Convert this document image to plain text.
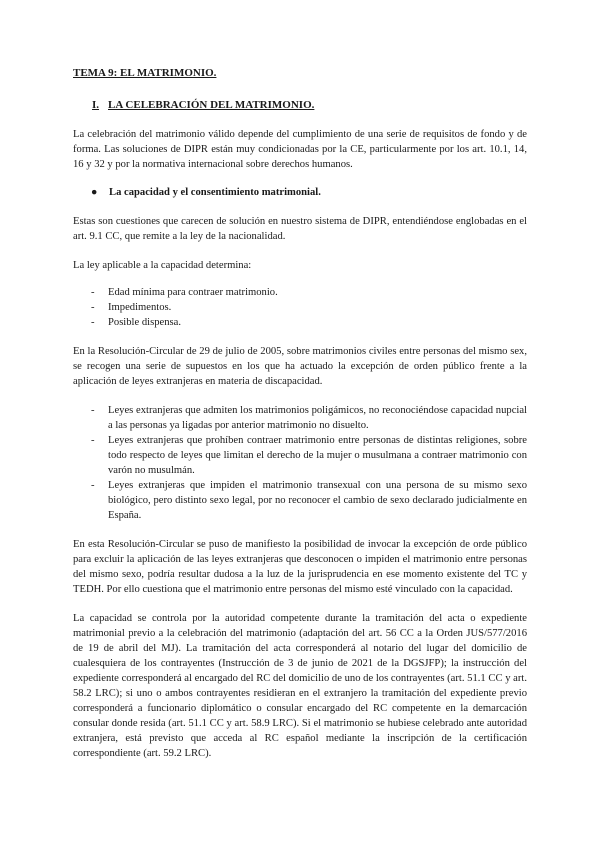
TEMA 9: EL MATRIMONIO.
I. LA CELEBRACIÓN DEL MATRIMONIO.

La celebración del matrimonio válido depende del cumplimiento de una serie de requisitos de fondo y de forma. Las soluciones de DIPR están muy condicionadas por la CE, particularmente por los art. 10.1, 14, 16 y 32 y por la normativa internacional sobre derechos humanos.

●	La capacidad y el consentimiento matrimonial.

Estas son cuestiones que carecen de solución en nuestro sistema de DIPR, entendiéndose englobadas en el art. 9.1 CC, que remite a la ley de la nacionalidad.

La ley aplicable a la capacidad determina:

-	Edad mínima para contraer matrimonio.
-	Impedimentos.
-	Posible dispensa.

En la Resolución-Circular de 29 de julio de 2005, sobre matrimonios civiles entre personas del mismo sex, se recogen una serie de supuestos en los que ha actuado la excepción de orden público frente a la aplicación de leyes extranjeras en materia de discapacidad.

-	Leyes extranjeras que admiten los matrimonios poligámicos, no reconociéndose capacidad nupcial a las personas ya ligadas por anterior matrimonio no disuelto.
-	Leyes extranjeras que prohíben contraer matrimonio entre personas de distintas religiones, sobre todo respecto de leyes que limitan el derecho de la mujer o musulmana a contraer matrimonio con varón no musulmán.
-	Leyes extranjeras que impiden el matrimonio transexual con una persona de su mismo sexo biológico, pero distinto sexo legal, por no reconocer el cambio de sexo declarado judicialmente en España.

En esta Resolución-Circular se puso de manifiesto la posibilidad de invocar la excepción de orde público para excluir la aplicación de las leyes extranjeras que desconocen o impiden el matrimonio entre personas del mismo sexo, podría resultar dudosa a la luz de la jurisprudencia en ese momento existente del TC y TEDH. Por ello cuestiona que el matrimonio entre personas del mismo esté vinculado con la capacidad.

La capacidad se controla por la autoridad competente durante la tramitación del acta o expediente matrimonial previo a la celebración del matrimonio (adaptación del art. 56 CC a la Orden JUS/577/2016 de 19 de abril del MJ). La tramitación del acta corresponderá al notario del lugar del domicilio de cualesquiera de los contrayentes (Instrucción de 3 de junio de 2021 de la DGSJFP); la instrucción del expediente corresponderá al encargado del RC del domicilio de uno de los contrayentes (art. 51.1 CC y art. 58.2 LRC); si uno o ambos contrayentes residieran en el extranjero la tramitación del expediente previo corresponderá a funcionario diplomático o consular encargado del RC competente en la demarcación consular donde resida (art. 51.1 CC y art. 58.9 LRC). Si el matrimonio se hubiese celebrado ante autoridad extranjera, está previsto que acceda al RC español mediante la inscripción de la certificación correspondiente (art. 59.2 LRC).
